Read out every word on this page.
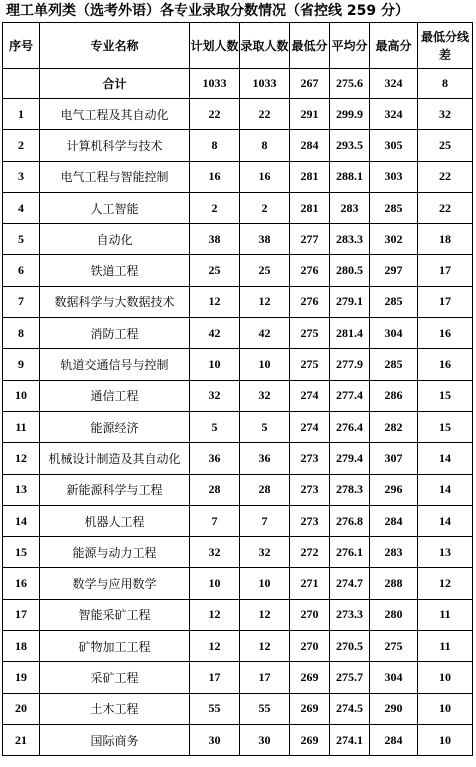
理工单列类（选考外语）各专业录取分数情况（省控线 259 分）
序号	专业名称	计划人数	录取人数	最低分	平均分	最高分	最低分线差
	合计	1033	1033	267	275.6	324	8
1	电气工程及其自动化	22	22	291	299.9	324	32
2	计算机科学与技术	8	8	284	293.5	305	25
3	电气工程与智能控制	16	16	281	288.1	303	22
4	人工智能	2	2	281	283	285	22
5	自动化	38	38	277	283.3	302	18
6	铁道工程	25	25	276	280.5	297	17
7	数据科学与大数据技术	12	12	276	279.1	285	17
8	消防工程	42	42	275	281.4	304	16
9	轨道交通信号与控制	10	10	275	277.9	285	16
10	通信工程	32	32	274	277.4	286	15
11	能源经济	5	5	274	276.4	282	15
12	机械设计制造及其自动化	36	36	273	279.4	307	14
13	新能源科学与工程	28	28	273	278.3	296	14
14	机器人工程	7	7	273	276.8	284	14
15	能源与动力工程	32	32	272	276.1	283	13
16	数学与应用数学	10	10	271	274.7	288	12
17	智能采矿工程	12	12	270	273.3	280	11
18	矿物加工工程	12	12	270	270.5	275	11
19	采矿工程	17	17	269	275.7	304	10
20	土木工程	55	55	269	274.5	290	10
21	国际商务	30	30	269	274.1	284	10
